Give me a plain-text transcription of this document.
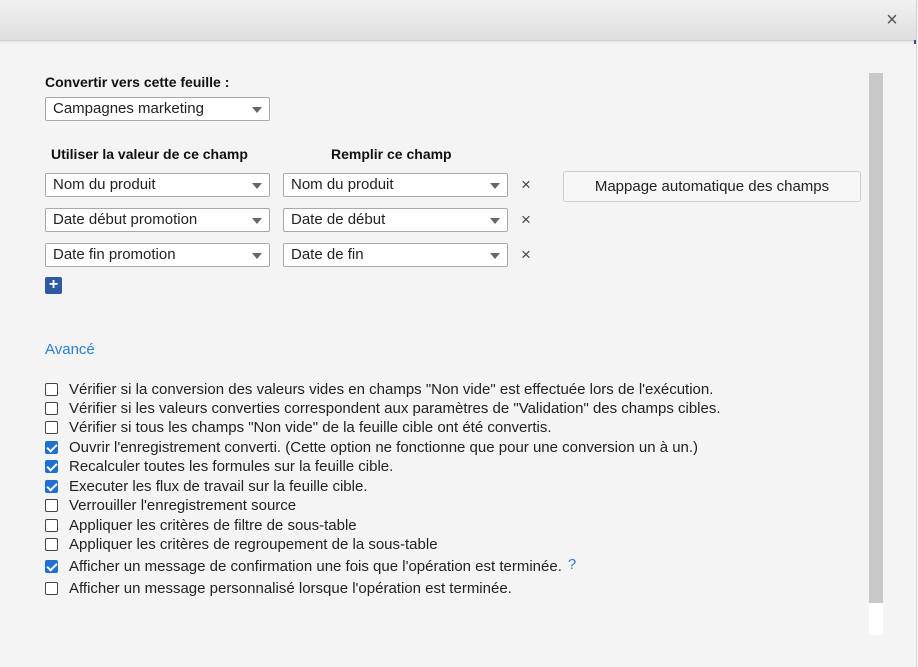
×
Convertir vers cette feuille :
Campagnes marketing
Utiliser la valeur de ce champ	Remplir ce champ
Nom du produit	Nom du produit	×
Date début promotion	Date de début	×
Date fin promotion	Date de fin	×
Mappage automatique des champs
+
Avancé
Vérifier si la conversion des valeurs vides en champs "Non vide" est effectuée lors de l'exécution.
Vérifier si les valeurs converties correspondent aux paramètres de "Validation" des champs cibles.
Vérifier si tous les champs "Non vide" de la feuille cible ont été convertis.
Ouvrir l'enregistrement converti. (Cette option ne fonctionne que pour une conversion un à un.)
Recalculer toutes les formules sur la feuille cible.
Executer les flux de travail sur la feuille cible.
Verrouiller l'enregistrement source
Appliquer les critères de filtre de sous-table
Appliquer les critères de regroupement de la sous-table
Afficher un message de confirmation une fois que l'opération est terminée. ?
Afficher un message personnalisé lorsque l'opération est terminée.
